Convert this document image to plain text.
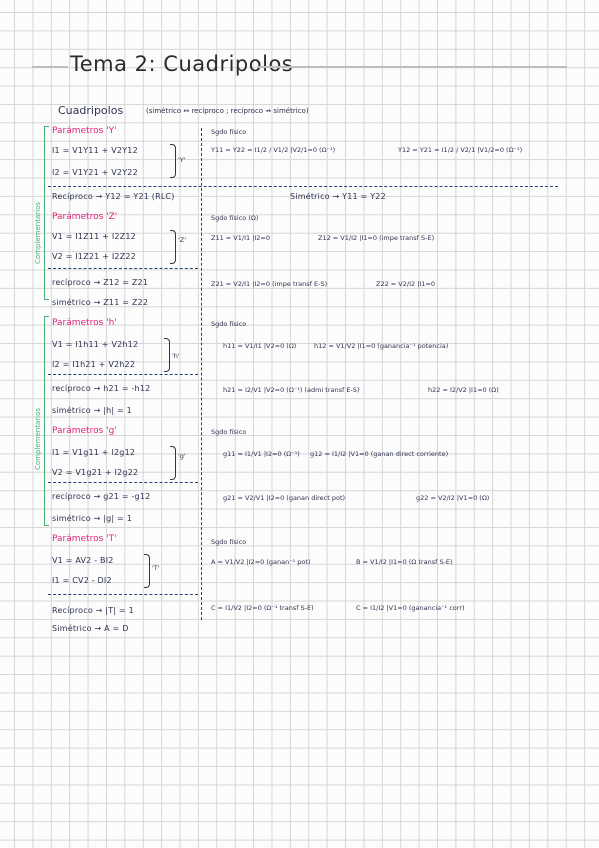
Tema 2: Cuadripolos
Cuadripolos	(simétrico ↔ recíproco ; recíproco ↛ simétrico)
Complementarios
Complementarios
Parámetros 'Y'
I1 = V1Y11 + V2Y12
I2 = V1Y21 + V2Y22
'Y'
Sgdo físico
Y11 = Y22 = I1/2 / V1/2 |V2/1=0 (Ω⁻¹)	Y12 = Y21 = I1/2 / V2/1 |V1/2=0 (Ω⁻¹)
Recíproco → Y12 = Y21 (RLC)	Simétrico → Y11 = Y22
Parámetros 'Z'
V1 = I1Z11 + I2Z12
V2 = I1Z21 + I2Z22
'Z'
Sgdo físico (Ω)
Z11 = V1/I1 |I2=0	Z12 = V1/I2 |I1=0 (impe transf S-E)
Z21 = V2/I1 |I2=0 (impe transf E-S)	Z22 = V2/I2 |I1=0
recíproco → Z12 = Z21
simétrico → Z11 = Z22
Parámetros 'h'
V1 = I1h11 + V2h12
I2 = I1h21 + V2h22
'h'
Sgdo físico
h11 = V1/I1 |V2=0 (Ω)	h12 = V1/V2 |I1=0 (ganancia⁻¹ potencia)
h21 = I2/V1 |V2=0 (Ω⁻¹) (admi transf E-S)	h22 = I2/V2 |I1=0 (Ω)
recíproco → h21 = -h12
simétrico → |h| = 1
Parámetros 'g'
I1 = V1g11 + I2g12
V2 = V1g21 + I2g22
'g'
Sgdo físico
g11 = I1/V1 |I2=0 (Ω⁻¹) g12 = I1/I2 |V1=0 (ganan direct corriente)
g21 = V2/V1 |I2=0 (ganan direct pot)	g22 = V2/I2 |V1=0 (Ω)
recíproco → g21 = -g12
simétrico → |g| = 1
Parámetros 'T'
V1 = AV2 - BI2
I1 = CV2 - DI2
'T'
Sgdo físico
A = V1/V2 |I2=0 (ganan⁻¹ pot)	B = V1/I2 |I1=0 (Ω transf S-E)
C = I1/V2 |I2=0 (Ω⁻¹ transf S-E)	C = I1/I2 |V1=0 (ganancia⁻¹ corr)
Recíproco → |T| = 1
Simétrico → A = D
